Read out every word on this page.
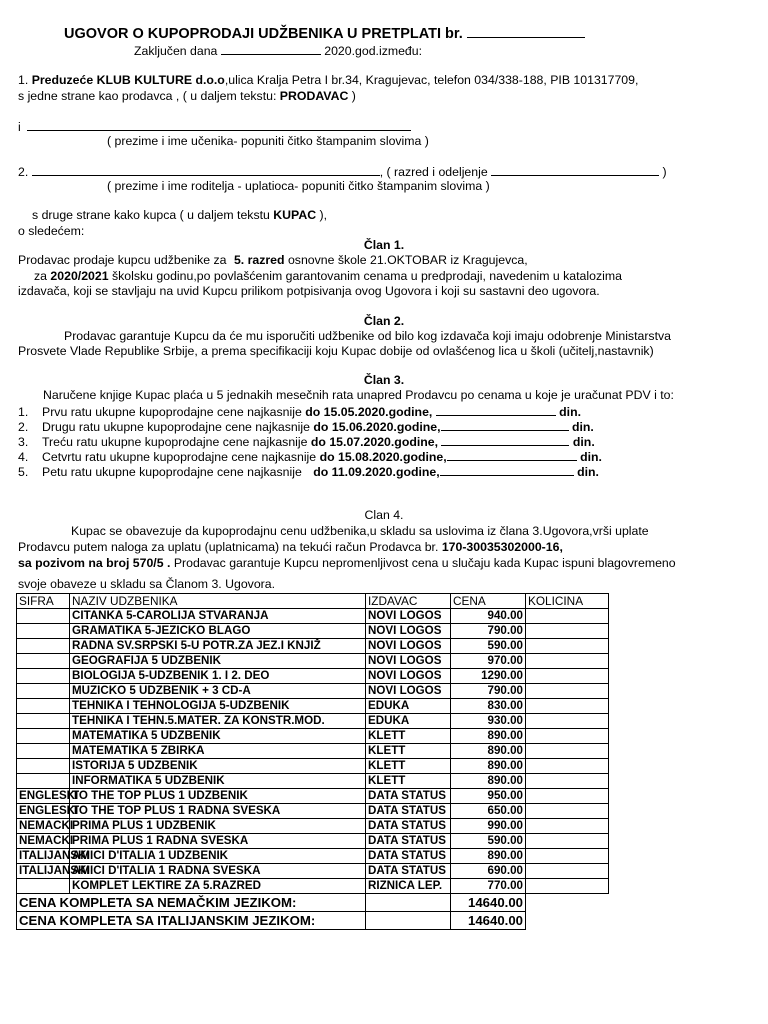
UGOVOR O KUPOPRODAJI UDŽBENIKA U PRETPLATI br.
Zaključen dana	2020.god.između:
1. Preduzeće KLUB KULTURE d.o.o,ulica Kralja Petra I br.34, Kragujevac, telefon 034/338-188, PIB 101317709,
s jedne strane kao prodavca , ( u daljem tekstu: PRODAVAC )
i
( prezime i ime učenika- popuniti čitko štampanim slovima )
2.	, ( razred i odeljenje	)
( prezime i ime roditelja - uplatioca- popuniti čitko štampanim slovima )
s druge strane kako kupca ( u daljem tekstu KUPAC ),
o sledećem:
Član 1.
Prodavac prodaje kupcu udžbenike za 5. razred osnovne škole 21.OKTOBAR iz Kragujevca,
za 2020/2021 školsku godinu,po povlašćenim garantovanim cenama u predprodaji, navedenim u katalozima
izdavača, koji se stavljaju na uvid Kupcu prilikom potpisivanja ovog Ugovora i koji su sastavni deo ugovora.
Član 2.
Prodavac garantuje Kupcu da će mu isporučiti udžbenike od bilo kog izdavača koji imaju odobrenje Ministarstva
Prosvete Vlade Republike Srbije, a prema specifikaciji koju Kupac dobije od ovlašćenog lica u školi (učitelj,nastavnik)
Član 3.
Naručene knjige Kupac plaća u 5 jednakih mesečnih rata unapred Prodavcu po cenama u koje je uračunat PDV i to:
1. Prvu ratu ukupne kupoprodajne cene najkasnije do 15.05.2020.godine,	din.
2. Drugu ratu ukupne kupoprodajne cene najkasnije do 15.06.2020.godine,	din.
3. Treću ratu ukupne kupoprodajne cene najkasnije do 15.07.2020.godine,	din.
4. Cetvrtu ratu ukupne kupoprodajne cene najkasnije do 15.08.2020.godine,	din.
5. Petu ratu ukupne kupoprodajne cene najkasnije do 11.09.2020.godine,	din.
Clan 4.
Kupac se obavezuje da kupoprodajnu cenu udžbenika,u skladu sa uslovima iz člana 3.Ugovora,vrši uplate
Prodavcu putem naloga za uplatu (uplatnicama) na tekući račun Prodavca br. 170-30035302000-16,
sa pozivom na broj 570/5 . Prodavac garantuje Kupcu nepromenljivost cena u slučaju kada Kupac ispuni blagovremeno
svoje obaveze u skladu sa Članom 3. Ugovora.
SIFRA	NAZIV UDZBENIKA	IZDAVAC	CENA	KOLICINA
	CITANKA 5-CAROLIJA STVARANJA	NOVI LOGOS	940.00	
	GRAMATIKA 5-JEZICKO BLAGO	NOVI LOGOS	790.00	
	RADNA SV.SRPSKI 5-U POTR.ZA JEZ.I KNJIŽ	NOVI LOGOS	590.00	
	GEOGRAFIJA 5 UDZBENIK	NOVI LOGOS	970.00	
	BIOLOGIJA 5-UDZBENIK 1. I 2. DEO	NOVI LOGOS	1290.00	
	MUZICKO 5 UDZBENIK + 3 CD-A	NOVI LOGOS	790.00	
	TEHNIKA I TEHNOLOGIJA 5-UDZBENIK	EDUKA	830.00	
	TEHNIKA I TEHN.5.MATER. ZA KONSTR.MOD.	EDUKA	930.00	
	MATEMATIKA 5 UDZBENIK	KLETT	890.00	
	MATEMATIKA 5 ZBIRKA	KLETT	890.00	
	ISTORIJA 5 UDZBENIK	KLETT	890.00	
	INFORMATIKA 5 UDZBENIK	KLETT	890.00	
ENGLESKI	TO THE TOP PLUS 1 UDZBENIK	DATA STATUS	950.00	
ENGLESKI	TO THE TOP PLUS 1 RADNA SVESKA	DATA STATUS	650.00	
NEMACKI	PRIMA PLUS 1 UDZBENIK	DATA STATUS	990.00	
NEMACKI	PRIMA PLUS 1 RADNA SVESKA	DATA STATUS	590.00	
ITALIJANSKI	AMICI D'ITALIA 1 UDZBENIK	DATA STATUS	890.00	
ITALIJANSKI	AMICI D'ITALIA 1 RADNA SVESKA	DATA STATUS	690.00	
	KOMPLET LEKTIRE ZA 5.RAZRED	RIZNICA LEP.	770.00	
CENA KOMPLETA SA NEMAČKIM JEZIKOM:			14640.00	
CENA KOMPLETA SA ITALIJANSKIM JEZIKOM:			14640.00	
